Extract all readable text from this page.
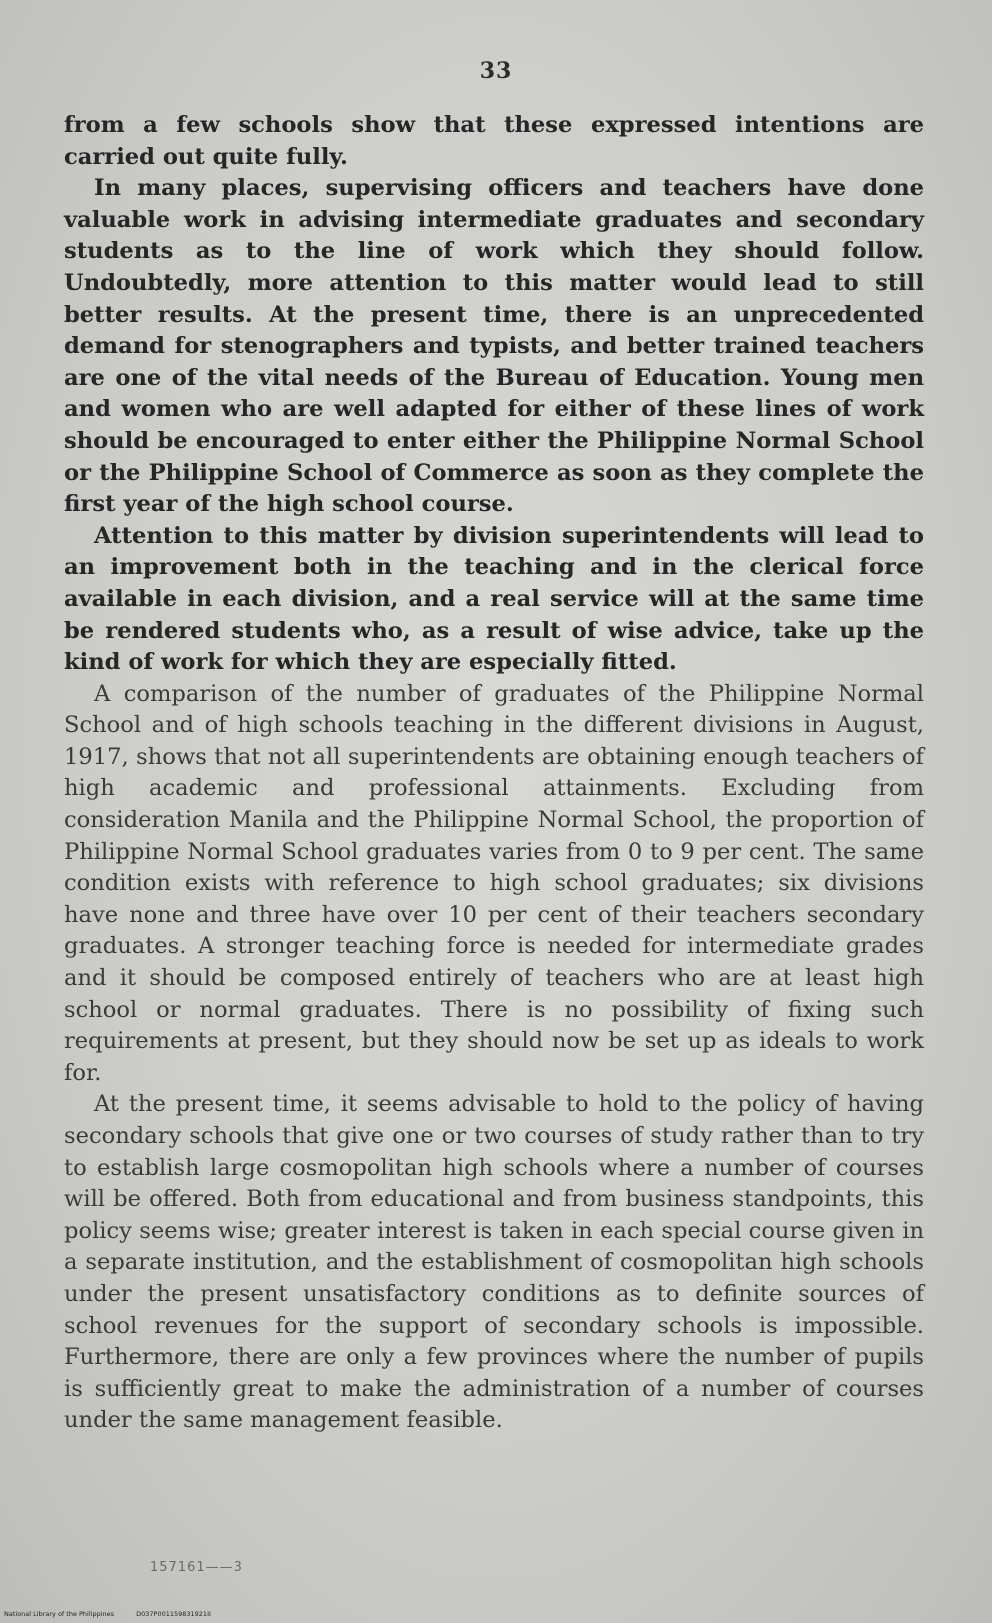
33

from a few schools show that these expressed intentions are carried out quite fully.

In many places, supervising officers and teachers have done valuable work in advising intermediate graduates and secondary students as to the line of work which they should follow. Undoubtedly, more attention to this matter would lead to still better results. At the present time, there is an unprecedented demand for stenographers and typists, and better trained teachers are one of the vital needs of the Bureau of Education. Young men and women who are well adapted for either of these lines of work should be encouraged to enter either the Philippine Normal School or the Philippine School of Commerce as soon as they complete the first year of the high school course.

Attention to this matter by division superintendents will lead to an improvement both in the teaching and in the clerical force available in each division, and a real service will at the same time be rendered students who, as a result of wise advice, take up the kind of work for which they are especially fitted.

A comparison of the number of graduates of the Philippine Normal School and of high schools teaching in the different divisions in August, 1917, shows that not all superintendents are obtaining enough teachers of high academic and professional attainments. Excluding from consideration Manila and the Philippine Normal School, the proportion of Philippine Normal School graduates varies from 0 to 9 per cent. The same condition exists with reference to high school graduates; six divisions have none and three have over 10 per cent of their teachers secondary graduates. A stronger teaching force is needed for intermediate grades and it should be composed entirely of teachers who are at least high school or normal graduates. There is no possibility of fixing such requirements at present, but they should now be set up as ideals to work for.

At the present time, it seems advisable to hold to the policy of having secondary schools that give one or two courses of study rather than to try to establish large cosmopolitan high schools where a number of courses will be offered. Both from educational and from business standpoints, this policy seems wise; greater interest is taken in each special course given in a separate institution, and the establishment of cosmopolitan high schools under the present unsatisfactory conditions as to definite sources of school revenues for the support of secondary schools is impossible. Furthermore, there are only a few provinces where the number of pupils is sufficiently great to make the administration of a number of courses under the same management feasible.

157161——3
National Library of the Philippines	D037P001159831921II
